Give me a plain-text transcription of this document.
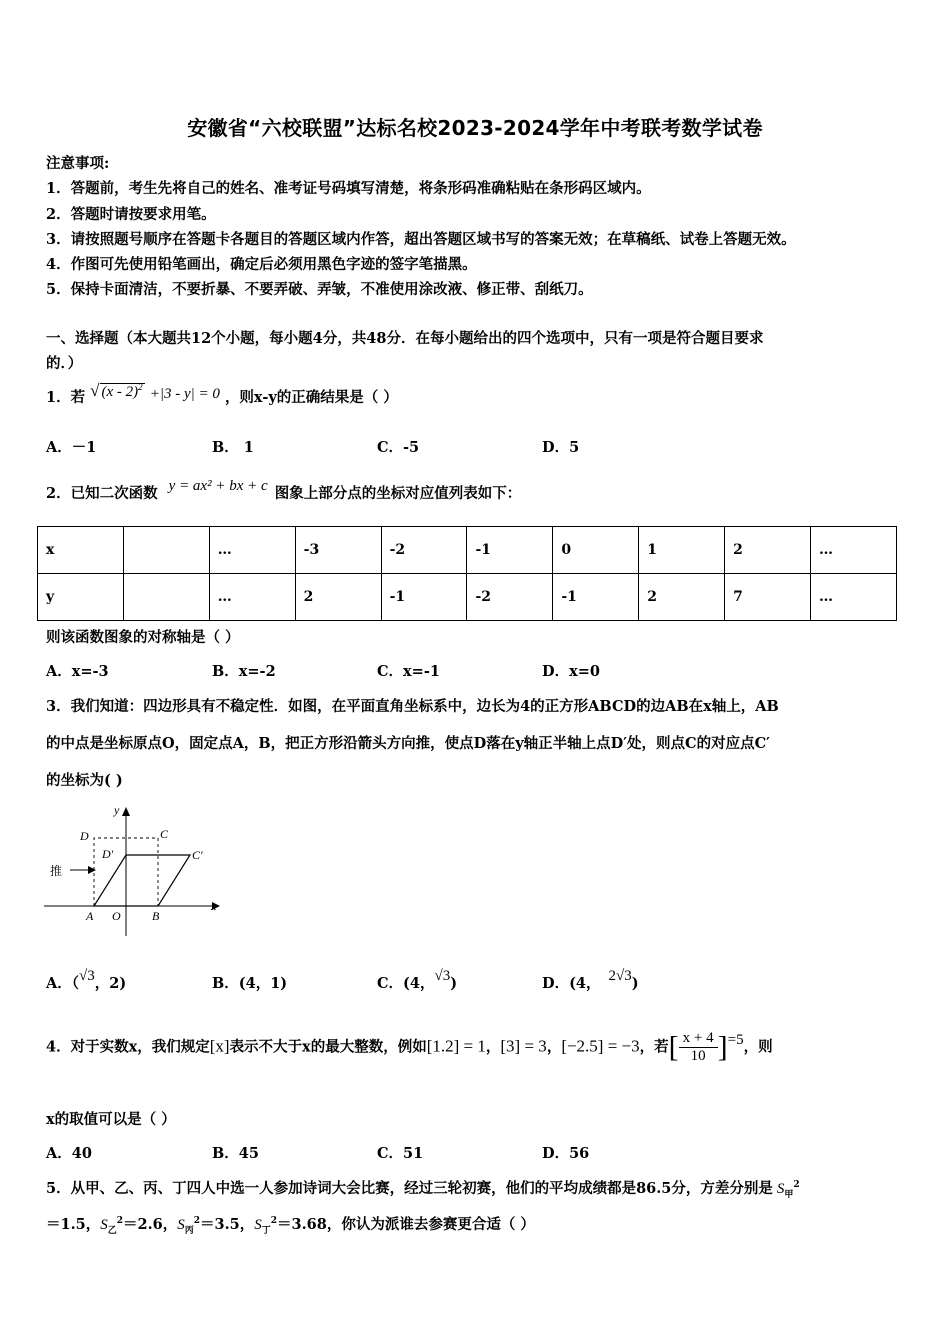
安徽省“六校联盟”达标名校2023-2024学年中考联考数学试卷
注意事项:
1．答题前，考生先将自己的姓名、准考证号码填写清楚，将条形码准确粘贴在条形码区域内。
2．答题时请按要求用笔。
3．请按照题号顺序在答题卡各题目的答题区域内作答，超出答题区域书写的答案无效；在草稿纸、试卷上答题无效。
4．作图可先使用铅笔画出，确定后必须用黑色字迹的签字笔描黑。
5．保持卡面清洁，不要折暴、不要弄破、弄皱，不准使用涂改液、修正带、刮纸刀。
一、选择题（本大题共12个小题，每小题4分，共48分．在每小题给出的四个选项中，只有一项是符合题目要求
的．）
1．若 √ (x - 2)$^2$ +|3 - y| = 0 ，则x-y的正确结果是（ ）
A．－1	B． 1	C．-5	D．5
2．已知二次函数 y = ax² + bx + c 图象上部分点的坐标对应值列表如下：
x		…	-3	-2	-1	0	1	2	…
y		…	2	-1	-2	-1	2	7	…
则该函数图象的对称轴是（ ）
A．x=-3	B．x=-2	C．x=-1	D．x=0
3．我们知道：四边形具有不稳定性．如图，在平面直角坐标系中，边长为4的正方形ABCD的边AB在x轴上，AB
的中点是坐标原点O，固定点A，B，把正方形沿箭头方向推，使点D落在y轴正半轴上点D′处，则点C的对应点C′
的坐标为( )
y
x
D	C
D′	C′
推
A O	B
A．（√3，2)	B．(4，1)	C．(4，√3)	D．(4， 2√3)
4．对于实数x，我们规定[x]表示不大于x的最大整数，例如[1.2] = 1，[3] = 3，[−2.5] = −3，若[ $\frac{x + 4}{10} ]=5$，则
x的取值可以是（ ）
A．40	B．45	C．51	D．56
5．从甲、乙、丙、丁四人中选一人参加诗词大会比赛，经过三轮初赛，他们的平均成绩都是86.5分，方差分别是 $S_甲^2$
＝1.5，$S_乙^2=2.6$，$S_丙^2=3.5$，$S_丁^2=3.68$，你认为派谁去参赛更合适（ ）
